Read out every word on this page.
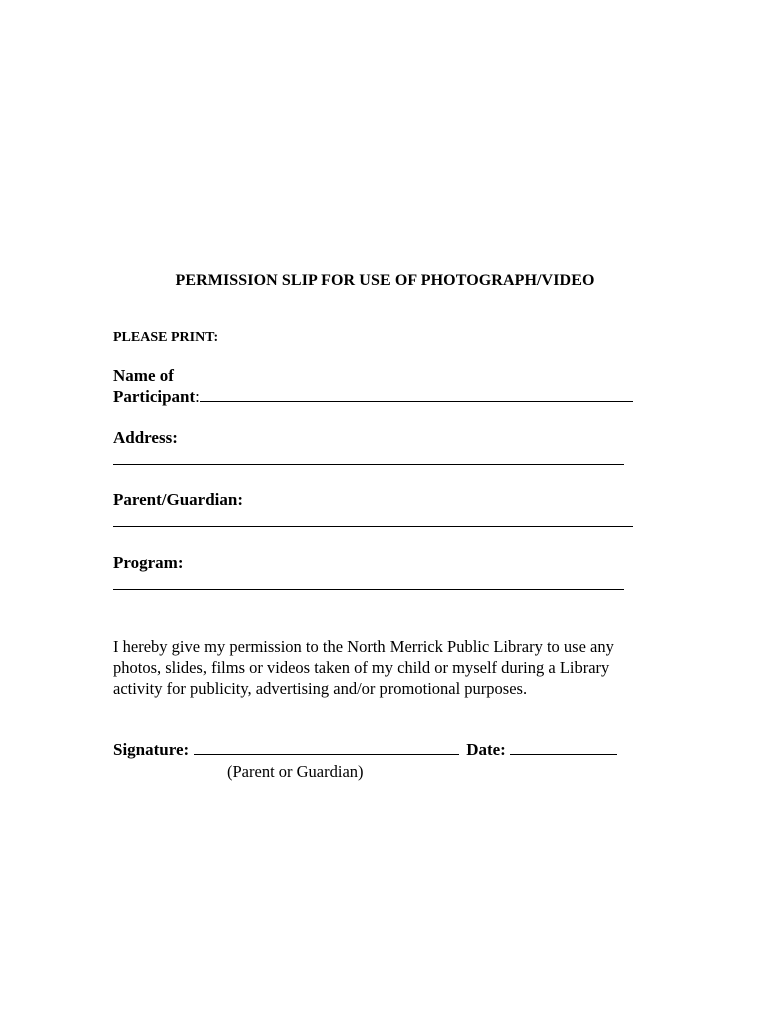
PERMISSION SLIP FOR USE OF PHOTOGRAPH/VIDEO
PLEASE PRINT:
Name of
Participant:
Address:
Parent/Guardian:
Program:
I hereby give my permission to the North Merrick Public Library to use any
photos, slides, films or videos taken of my child or myself during a Library
activity for publicity, advertising and/or promotional purposes.
Signature:	Date:
(Parent or Guardian)
